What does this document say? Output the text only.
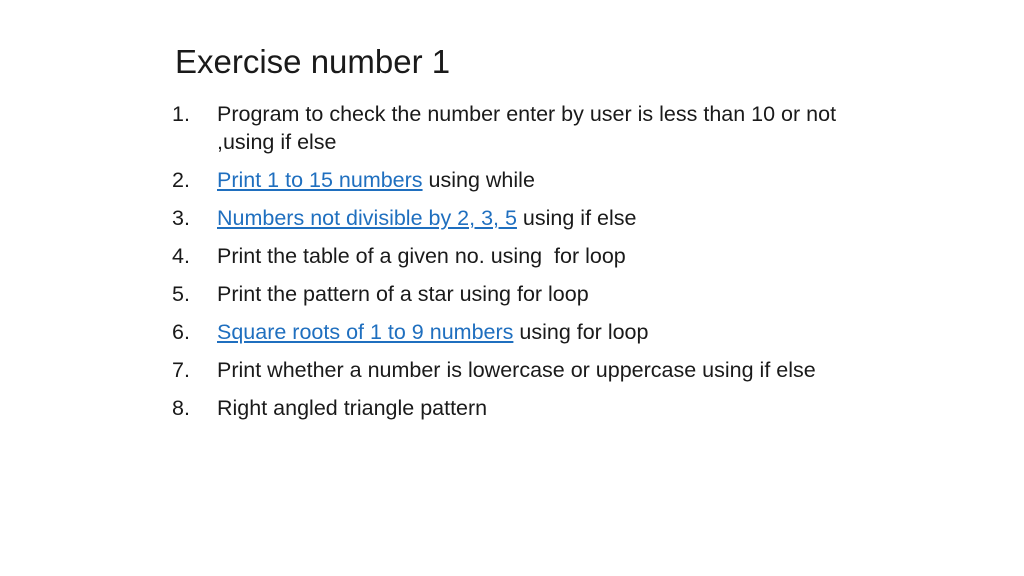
Exercise number 1
1.	Program to check the number enter by user is less than 10 or not ,using if else
2.	Print 1 to 15 numbers using while
3.	Numbers not divisible by 2, 3, 5 using if else
4.	Print the table of a given no. using  for loop
5.	Print the pattern of a star using for loop
6.	Square roots of 1 to 9 numbers using for loop
7.	Print whether a number is lowercase or uppercase using if else
8.	Right angled triangle pattern
